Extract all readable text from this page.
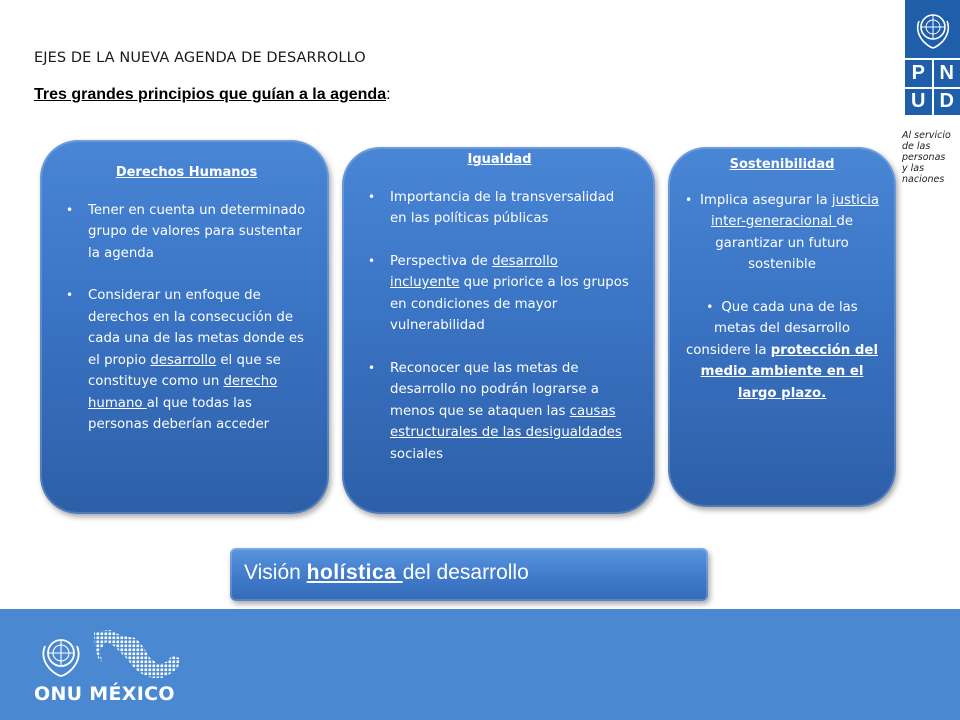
EJES DE LA NUEVA AGENDA DE DESARROLLO
Tres grandes principios que guían a la agenda:
P N
U D
Al servicio
de las personas
y las naciones
Derechos Humanos
• Tener en cuenta un determinado grupo de valores para sustentar la agenda
• Considerar un enfoque de derechos en la consecución de cada una de las metas donde es el propio desarrollo el que se constituye como un derecho humano al que todas las personas deberían acceder
Igualdad
• Importancia de la transversalidad en las políticas públicas
• Perspectiva de desarrollo incluyente que priorice a los grupos en condiciones de mayor vulnerabilidad
• Reconocer que las metas de desarrollo no podrán lograrse a menos que se ataquen las causas estructurales de las desigualdades sociales
Sostenibilidad
• Implica asegurar la justicia inter-generacional de garantizar un futuro sostenible
• Que cada una de las metas del desarrollo considere la protección del medio ambiente en el largo plazo.
Visión holística del desarrollo
ONU MÉXICO
